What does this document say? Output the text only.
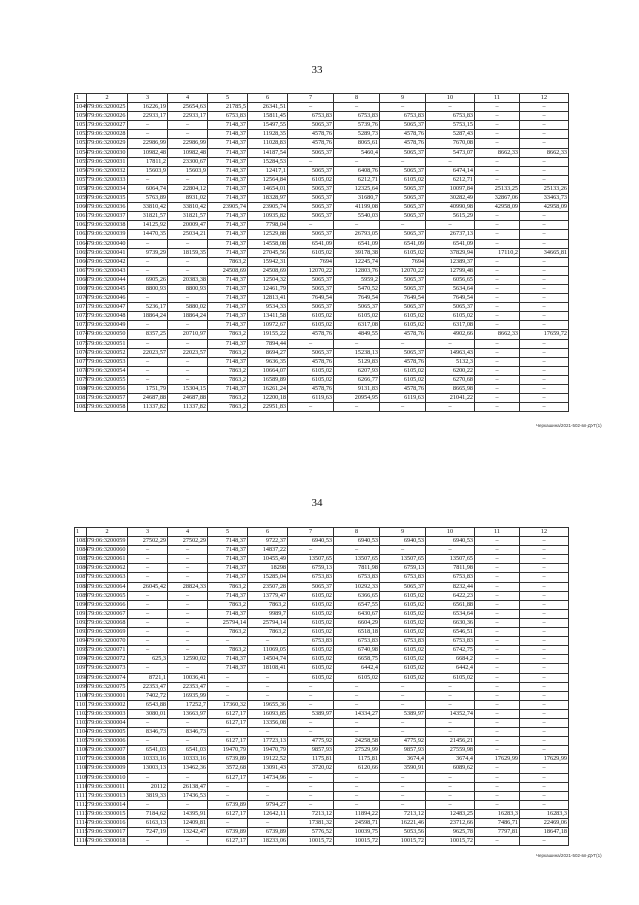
33
1	2	3	4	5	6	7	8	9	10	11	12
1049	79:06:3200025	16226,19	25654,63	21785,5	26341,51	–	–	–	–	–	–
1050	79:06:3200026	22933,17	22933,17	6753,83	15811,45	6753,83	6753,83	6753,83	6753,83	–	–
1051	79:06:3200027	–	–	7148,37	15497,55	5065,37	5739,76	5065,37	5753,15	–	–
1052	79:06:3200028	–	–	7148,37	11928,35	4578,76	5289,73	4578,76	5287,43	–	–
1053	79:06:3200029	22986,99	22986,99	7148,37	11028,83	4578,76	8065,61	4578,76	7670,08	–	–
1054	79:06:3200030	10982,48	10982,48	7148,37	14187,54	5065,37	5460,4	5065,37	5473,07	8662,33	8662,33
1055	79:06:3200031	17811,2	23300,67	7148,37	15284,53	–	–	–	–	–	–
1056	79:06:3200032	15603,9	15603,9	7148,37	12417,1	5065,37	6408,76	5065,37	6474,14	–	–
1057	79:06:3200033	–	–	7148,37	12564,84	6105,02	6212,71	6105,02	6212,71	–	–
1058	79:06:3200034	6064,74	22804,12	7148,37	14654,01	5065,37	12325,64	5065,37	10097,84	25133,25	25133,26
1059	79:06:3200035	5763,89	8931,02	7148,37	18328,97	5065,37	31680,7	5065,37	30282,49	32867,06	33463,73
1060	79:06:3200036	33810,42	33810,42	23905,74	23905,74	5065,37	41199,08	5065,37	40990,98	42958,09	42958,09
1061	79:06:3200037	31821,57	31821,57	7148,37	10935,82	5065,37	5540,03	5065,37	5615,29	–	–
1062	79:06:3200038	14125,92	20009,47	7148,37	7798,04	–	–	–	–	–	–
1063	79:06:3200039	14470,35	25034,21	7148,37	12529,88	5065,37	26793,05	5065,37	26737,13	–	–
1064	79:06:3200040	–	–	7148,37	14558,08	6541,09	6541,09	6541,09	6541,09	–	–
1065	79:06:3200041	9739,29	18159,35	7148,37	27045,56	6105,02	39178,38	6105,02	37829,94	17110,2	34665,81
1066	79:06:3200042	–	–	7863,2	15942,31	7694	12245,74	7694	12389,37	–	–
1067	79:06:3200043	–	–	24508,69	24508,69	12070,22	12803,76	12070,22	12799,48	–	–
1068	79:06:3200044	6905,26	20383,38	7148,37	12504,32	5065,37	5959,2	5065,37	6056,65	–	–
1069	79:06:3200045	8800,93	8800,93	7148,37	12461,79	5065,37	5470,52	5065,37	5634,64	–	–
1070	79:06:3200046	–	–	7148,37	12813,41	7649,54	7649,54	7649,54	7649,54	–	–
1071	79:06:3200047	5236,17	5880,02	7148,37	9534,33	5065,37	5065,37	5065,37	5065,37	–	–
1072	79:06:3200048	18864,24	18864,24	7148,37	13411,58	6105,02	6105,02	6105,02	6105,02	–	–
1073	79:06:3200049	–	–	7148,37	10972,67	6105,02	6317,08	6105,02	6317,08	–	–
1074	79:06:3200050	8357,25	20710,97	7863,2	19155,22	4578,76	4849,55	4578,76	4902,66	8662,33	17659,72
1075	79:06:3200051	–	–	7148,37	7894,44	–	–	–	–	–	–
1076	79:06:3200052	22023,57	22023,57	7863,2	8694,27	5065,37	15238,13	5065,37	14963,43	–	–
1077	79:06:3200053	–	–	7148,37	9636,35	4578,76	5129,83	4578,76	5132,3	–	–
1078	79:06:3200054	–	–	7863,2	10664,07	6105,02	6207,93	6105,02	6200,22	–	–
1079	79:06:3200055	–	–	7863,2	16589,89	6105,02	6266,77	6105,02	6270,68	–	–
1080	79:06:3200056	1751,79	15304,15	7148,37	16261,24	4578,76	9131,83	4578,76	8665,98	–	–
1081	79:06:3200057	24687,88	24687,88	7863,2	12200,18	6119,63	20954,95	6119,63	21041,22	–	–
1082	79:06:3200058	11337,82	11337,82	7863,2	22951,83	–	–	–	–	–	–
Черкашина/2021-502-вп-ДУГ(1)
34
1	2	3	4	5	6	7	8	9	10	11	12
1083	79:06:3200059	27502,29	27502,29	7148,37	9722,37	6940,53	6940,53	6940,53	6940,53	–	–
1084	79:06:3200060	–	–	7148,37	14837,22	–	–	–	–	–	–
1085	79:06:3200061	–	–	7148,37	10455,49	13507,65	13507,65	13507,65	13507,65	–	–
1086	79:06:3200062	–	–	7148,37	18298	6759,13	7811,98	6759,13	7811,98	–	–
1087	79:06:3200063	–	–	7148,37	15285,04	6753,83	6753,83	6753,83	6753,83	–	–
1088	79:06:3200064	26045,42	28824,33	7863,2	23507,28	5065,37	10292,33	5065,37	8232,44	–	–
1089	79:06:3200065	–	–	7148,37	13779,47	6105,02	6366,65	6105,02	6422,23	–	–
1090	79:06:3200066	–	–	7863,2	7863,2	6105,02	6547,55	6105,02	6561,88	–	–
1091	79:06:3200067	–	–	7148,37	9989,7	6105,02	6430,67	6105,02	6534,64	–	–
1092	79:06:3200068	–	–	25794,14	25794,14	6105,02	6604,29	6105,02	6630,36	–	–
1093	79:06:3200069	–	–	7863,2	7863,2	6105,02	6518,18	6105,02	6546,51	–	–
1094	79:06:3200070	–	–	–	–	6753,83	6753,83	6753,83	6753,83	–	–
1095	79:06:3200071	–	–	7863,2	11069,05	6105,02	6740,98	6105,02	6742,75	–	–
1096	79:06:3200072	625,3	12590,02	7148,37	14504,74	6105,02	6658,75	6105,02	6684,2	–	–
1097	79:06:3200073	–	–	7148,37	18108,41	6105,02	6442,4	6105,02	6442,4	–	–
1098	79:06:3200074	8721,1	10036,41	–	–	6105,02	6105,02	6105,02	6105,02	–	–
1099	79:06:3200075	22353,47	22353,47	–	–	–	–	–	–	–	–
1100	79:06:3300001	7402,72	16935,99	–	–	–	–	–	–	–	–
1101	79:06:3300002	6543,88	17252,7	17360,32	19655,36	–	–	–	–	–	–
1102	79:06:3300003	3080,01	13663,97	6127,17	16093,85	5389,97	14334,27	5389,97	14352,74	–	–
1103	79:06:3300004	–	–	6127,17	13356,08	–	–	–	–	–	–
1104	79:06:3300005	8346,73	8346,73	–	–	–	–	–	–	–	–
1105	79:06:3300006	–	–	6127,17	17723,13	4775,92	24258,58	4775,92	21456,21	–	–
1106	79:06:3300007	6541,03	6541,03	19470,79	19470,79	9857,93	27529,99	9857,93	27559,98	–	–
1107	79:06:3300008	10333,16	10333,16	6739,89	19122,52	1175,81	1175,81	3674,4	3674,4	17629,99	17629,99
1108	79:06:3300009	13003,13	13462,36	3572,68	13091,43	3720,02	6120,66	3590,91	6089,62	–	–
1109	79:06:3300010	–	–	6127,17	14734,96	–	–	–	–	–	–
1110	79:06:3300011	20112	26138,47	–	–	–	–	–	–	–	–
1111	79:06:3300013	3819,33	17436,53	–	–	–	–	–	–	–	–
1112	79:06:3300014	–	–	6739,89	9794,27	–	–	–	–	–	–
1113	79:06:3300015	7184,62	14395,91	6127,17	12642,11	7213,12	11894,22	7213,12	12483,25	16283,3	16283,3
1114	79:06:3300016	6163,13	12409,81	–	–	17381,32	24598,71	16221,46	23712,66	7486,71	22469,06
1115	79:06:3300017	7247,19	13242,47	6739,89	6739,89	5776,52	10039,75	5053,56	9625,78	7797,81	18647,18
1116	79:06:3300018	–	–	6127,17	18233,06	10015,72	10015,72	10015,72	10015,72	–	–
Черкашина/2021-502-вп-ДУГ(1)
